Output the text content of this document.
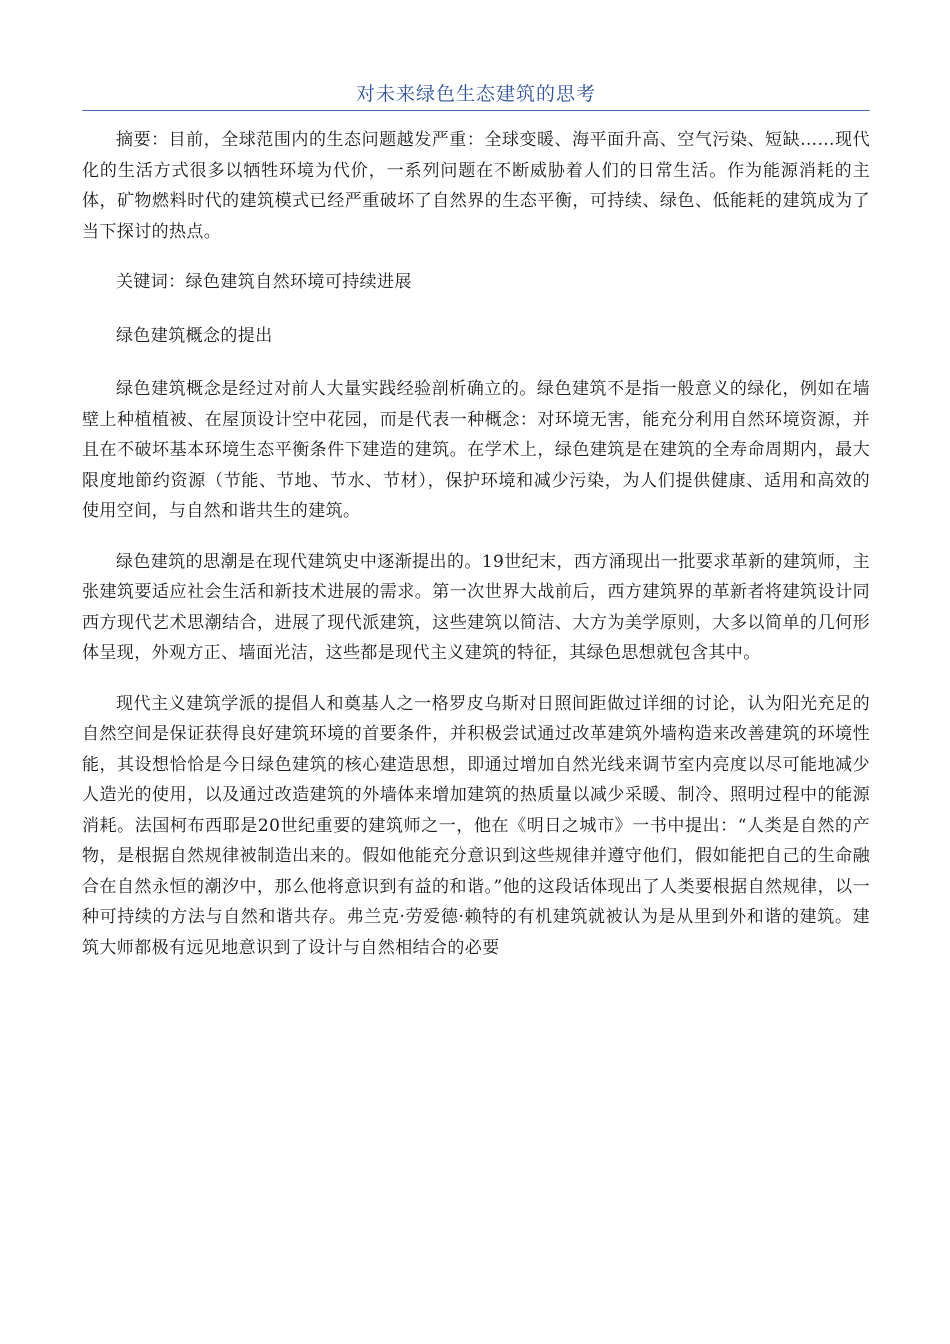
对未来绿色生态建筑的思考

摘要：目前，全球范围内的生态问题越发严重：全球变暖、海平面升高、空气污染、短缺……现代化的生活方式很多以牺牲环境为代价，一系列问题在不断威胁着人们的日常生活。作为能源消耗的主体，矿物燃料时代的建筑模式已经严重破坏了自然界的生态平衡，可持续、绿色、低能耗的建筑成为了当下探讨的热点。

关键词：绿色建筑自然环境可持续进展

绿色建筑概念的提出

绿色建筑概念是经过对前人大量实践经验剖析确立的。绿色建筑不是指一般意义的绿化，例如在墙壁上种植植被、在屋顶设计空中花园，而是代表一种概念：对环境无害，能充分利用自然环境资源，并且在不破坏基本环境生态平衡条件下建造的建筑。在学术上，绿色建筑是在建筑的全寿命周期内，最大限度地節约资源（节能、节地、节水、节材），保护环境和减少污染，为人们提供健康、适用和高效的使用空间，与自然和谐共生的建筑。

绿色建筑的思潮是在现代建筑史中逐渐提出的。19世纪末，西方涌现出一批要求革新的建筑师，主张建筑要适应社会生活和新技术进展的需求。第一次世界大战前后，西方建筑界的革新者将建筑设计同西方现代艺术思潮结合，进展了现代派建筑，这些建筑以简洁、大方为美学原则，大多以简单的几何形体呈现，外观方正、墙面光洁，这些都是现代主义建筑的特征，其绿色思想就包含其中。

现代主义建筑学派的提倡人和奠基人之一格罗皮乌斯对日照间距做过详细的讨论，认为阳光充足的自然空间是保证获得良好建筑环境的首要条件，并积极尝试通过改革建筑外墙构造来改善建筑的环境性能，其设想恰恰是今日绿色建筑的核心建造思想，即通过增加自然光线来调节室内亮度以尽可能地减少人造光的使用，以及通过改造建筑的外墙体来增加建筑的热质量以减少采暖、制冷、照明过程中的能源消耗。法国柯布西耶是20世纪重要的建筑师之一，他在《明日之城市》一书中提出：“人类是自然的产物，是根据自然规律被制造出来的。假如他能充分意识到这些规律并遵守他们，假如能把自己的生命融合在自然永恒的潮汐中，那么他将意识到有益的和谐。”他的这段话体现出了人类要根据自然规律，以一种可持续的方法与自然和谐共存。弗兰克·劳爱德·赖特的有机建筑就被认为是从里到外和谐的建筑。建筑大师都极有远见地意识到了设计与自然相结合的必要
